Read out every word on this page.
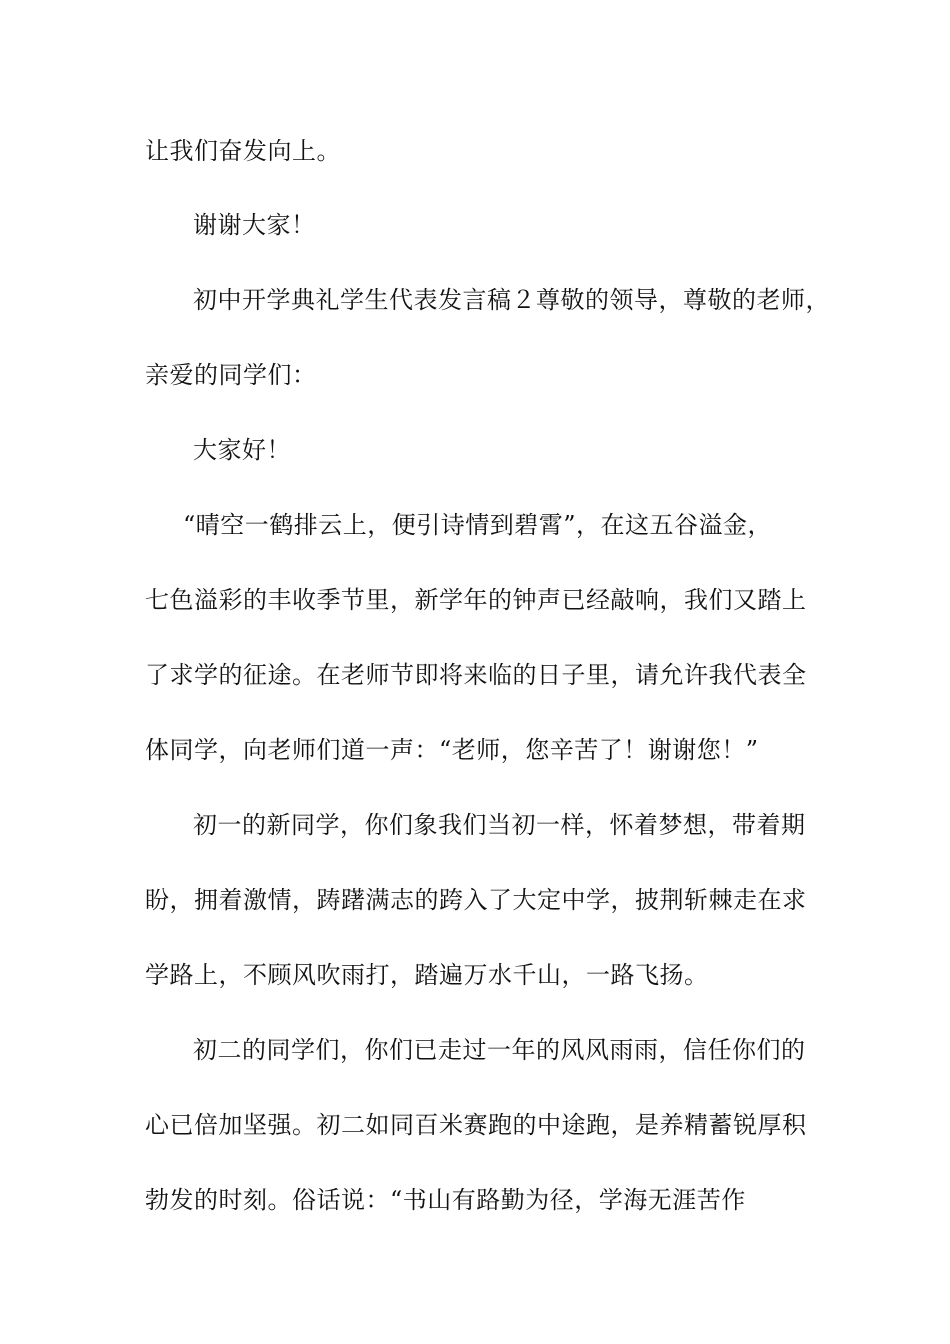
让我们奋发向上。
谢谢大家！
初中开学典礼学生代表发言稿２尊敬的领导，尊敬的老师，
亲爱的同学们：
大家好！
“晴空一鹤排云上，便引诗情到碧霄”，在这五谷溢金，
七色溢彩的丰收季节里，新学年的钟声已经敲响，我们又踏上
了求学的征途。在老师节即将来临的日子里，请允许我代表全
体同学，向老师们道一声：“老师，您辛苦了！谢谢您！”
初一的新同学，你们象我们当初一样，怀着梦想，带着期
盼，拥着激情，踌躇满志的跨入了大定中学，披荆斩棘走在求
学路上，不顾风吹雨打，踏遍万水千山，一路飞扬。
初二的同学们，你们已走过一年的风风雨雨，信任你们的
心已倍加坚强。初二如同百米赛跑的中途跑，是养精蓄锐厚积
勃发的时刻。俗话说：“书山有路勤为径，学海无涯苦作
